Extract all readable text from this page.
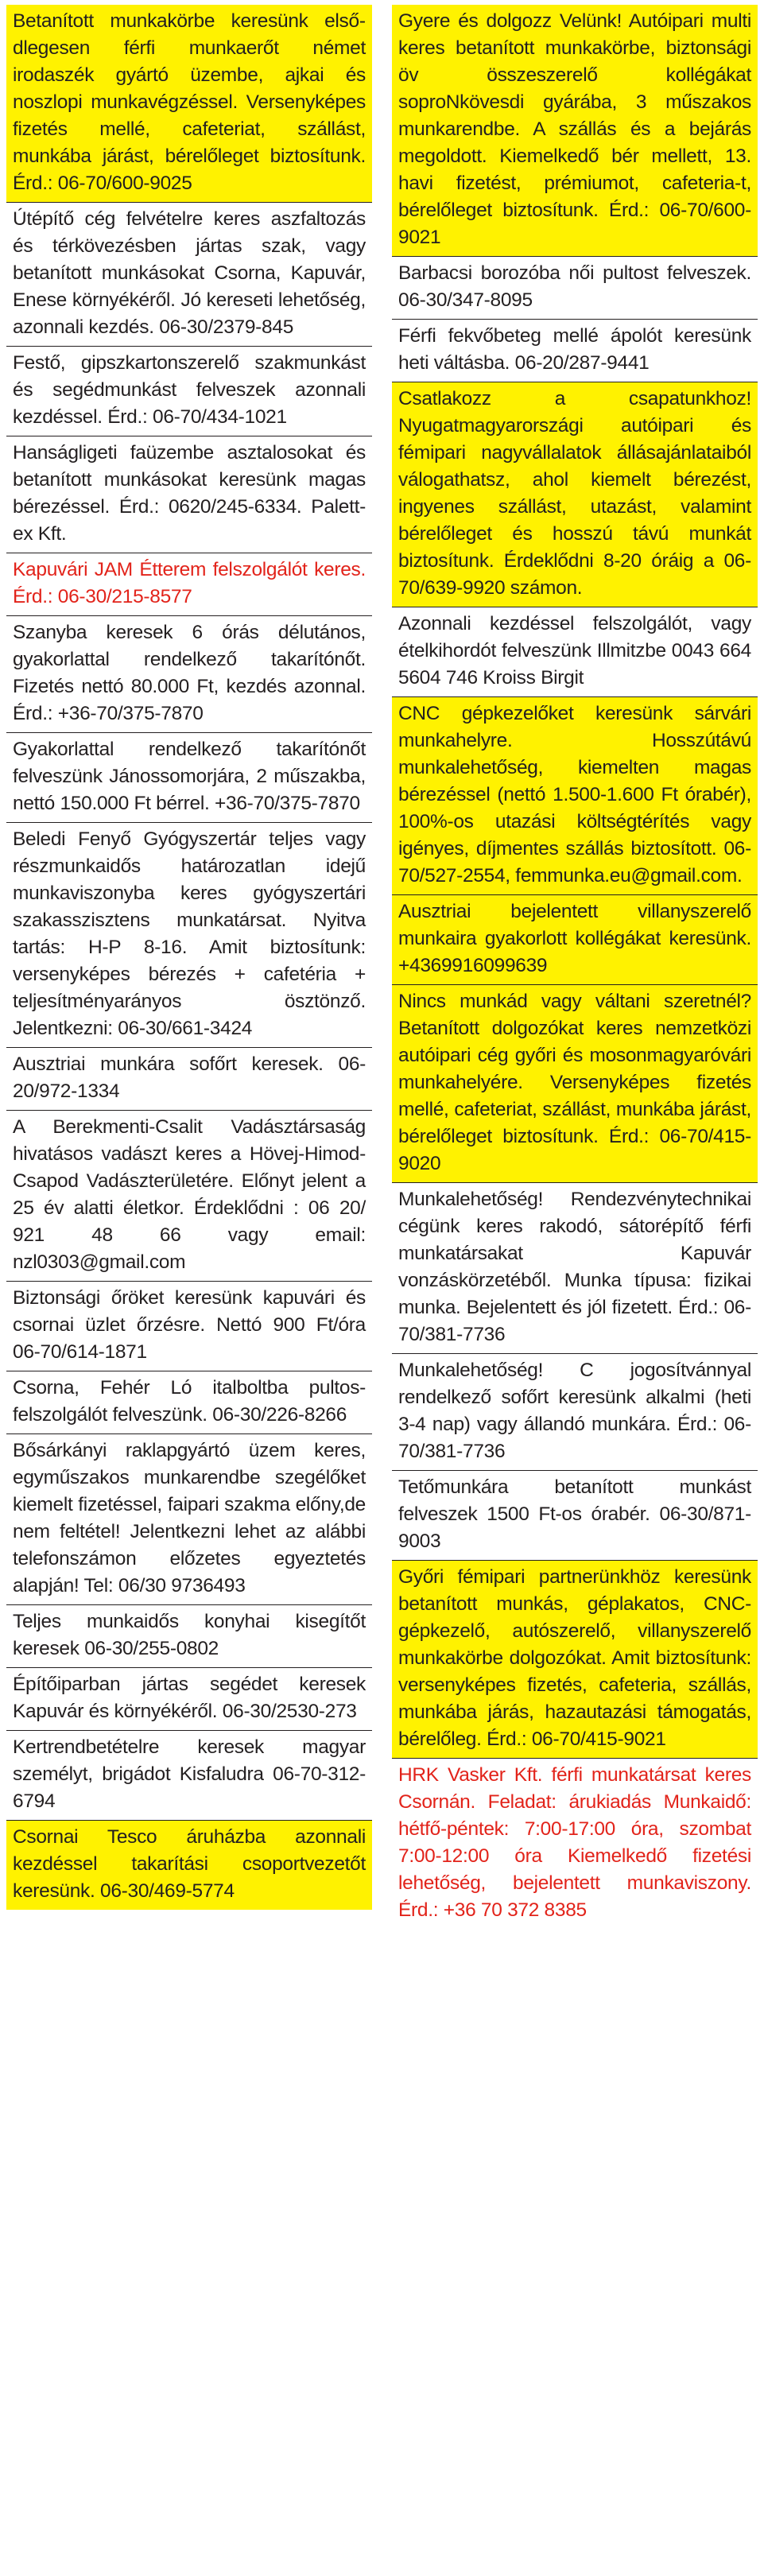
Betanított munkakörbe keresünk elsődlegesen férfi munkaerőt német irodaszék gyártó üzembe, ajkai és noszlopi munkavégzéssel. Versenyképes fizetés mellé, cafeteriat, szállást, munkába járást, bérelőleget biztosítunk. Érd.: 06-70/600-9025
Útépítő cég felvételre keres aszfaltozás és térkövezésben jártas szak, vagy betanított munkásokat Csorna, Kapuvár, Enese környékéről. Jó kereseti lehetőség, azonnali kezdés. 06-30/2379-845
Festő, gipszkartonszerelő szakmunkást és segédmunkást felveszek azonnali kezdéssel. Érd.: 06-70/434-1021
Hanságligeti faüzembe asztalosokat és betanított munkásokat keresünk magas bérezéssel. Érd.: 0620/245-6334. Palett-ex Kft.
Kapuvári JAM Étterem felszolgálót keres. Érd.: 06-30/215-8577
Szanyba keresek 6 órás délutános, gyakorlattal rendelkező takarítónőt. Fizetés nettó 80.000 Ft, kezdés azonnal. Érd.: +36-70/375-7870
Gyakorlattal rendelkező takarítónőt felveszünk Jánossomorjára, 2 műszakba, nettó 150.000 Ft bérrel. +36-70/375-7870
Beledi Fenyő Gyógyszertár teljes vagy részmunkaidős határozatlan idejű munkaviszonyba keres gyógyszertári szakasszisztens munkatársat. Nyitva tartás: H-P 8-16. Amit biztosítunk: versenyképes bérezés + cafetéria + teljesítményarányos ösztönző. Jelentkezni: 06-30/661-3424
Ausztriai munkára sofőrt keresek. 06-20/972-1334
A Berekmenti-Csalit Vadásztársaság hivatásos vadászt keres a Hövej-Himod-Csapod Vadászterületére. Előnyt jelent a 25 év alatti életkor. Érdeklődni : 06 20/ 921 48 66 vagy email: nzl0303@gmail.com
Biztonsági őröket keresünk kapuvári és csornai üzlet őrzésre. Nettó 900 Ft/óra 06-70/614-1871
Csorna, Fehér Ló italboltba pultos-felszolgálót felveszünk. 06-30/226-8266
Bősárkányi raklapgyártó üzem keres, egyműszakos munkarendbe szegélőket kiemelt fizetéssel, faipari szakma előny,de nem feltétel! Jelentkezni lehet az alábbi telefonszámon előzetes egyeztetés alapján! Tel: 06/30 9736493
Teljes munkaidős konyhai kisegítőt keresek 06-30/255-0802
Építőiparban jártas segédet keresek Kapuvár és környékéről. 06-30/2530-273
Kertrendbetételre keresek magyar személyt, brigádot Kisfaludra 06-70-312-6794
Csornai Tesco áruházba azonnali kezdéssel takarítási csoportvezetőt keresünk. 06-30/469-5774
Gyere és dolgozz Velünk! Autóipari multi keres betanított munkakörbe, biztonsági öv összeszerelő kollégákat soproNkövesdi gyárába, 3 műszakos munkarendbe. A szállás és a bejárás megoldott. Kiemelkedő bér mellett, 13. havi fizetést, prémiumot, cafeteria-t, bérelőleget biztosítunk. Érd.: 06-70/600-9021
Barbacsi borozóba női pultost felveszek. 06-30/347-8095
Férfi fekvőbeteg mellé ápolót keresünk heti váltásba. 06-20/287-9441
Csatlakozz a csapatunkhoz! Nyugatmagyarországi autóipari és fémipari nagyvállalatok állásajánlataiból válogathatsz, ahol kiemelt bérezést, ingyenes szállást, utazást, valamint bérelőleget és hosszú távú munkát biztosítunk. Érdeklődni 8-20 óráig a 06-70/639-9920 számon.
Azonnali kezdéssel felszolgálót, vagy ételkihordót felveszünk Illmitzbe 0043 664 5604 746 Kroiss Birgit
CNC gépkezelőket keresünk sárvári munkahelyre. Hosszútávú munkalehetőség, kiemelten magas bérezéssel (nettó 1.500-1.600 Ft órabér), 100%-os utazási költségtérítés vagy igényes, díjmentes szállás biztosított. 06-70/527-2554, femmunka.eu@gmail.com.
Ausztriai bejelentett villanyszerelő munkaira gyakorlott kollégákat keresünk. +4369916099639
Nincs munkád vagy váltani szeretnél? Betanított dolgozókat keres nemzetközi autóipari cég győri és mosonmagyaróvári munkahelyére. Versenyképes fizetés mellé, cafeteriat, szállást, munkába járást, bérelőleget biztosítunk. Érd.: 06-70/415-9020
Munkalehetőség! Rendezvénytechnikai cégünk keres rakodó, sátorépítő férfi munkatársakat Kapuvár vonzáskörzetéből. Munka típusa: fizikai munka. Bejelentett és jól fizetett. Érd.: 06-70/381-7736
Munkalehetőség! C jogosítvánnyal rendelkező sofőrt keresünk alkalmi (heti 3-4 nap) vagy állandó munkára. Érd.: 06-70/381-7736
Tetőmunkára betanított munkást felveszek 1500 Ft-os órabér. 06-30/871-9003
Győri fémipari partnerünkhöz keresünk betanított munkás, géplakatos, CNC-gépkezelő, autószerelő, villanyszerelő munkakörbe dolgozókat. Amit biztosítunk: versenyképes fizetés, cafeteria, szállás, munkába járás, hazautazási támogatás, bérelőleg. Érd.: 06-70/415-9021
HRK Vasker Kft. férfi munkatársat keres Csornán. Feladat: árukiadás Munkaidő: hétfő-péntek: 7:00-17:00 óra, szombat 7:00-12:00 óra Kiemelkedő fizetési lehetőség, bejelentett munkaviszony. Érd.: +36 70 372 8385
